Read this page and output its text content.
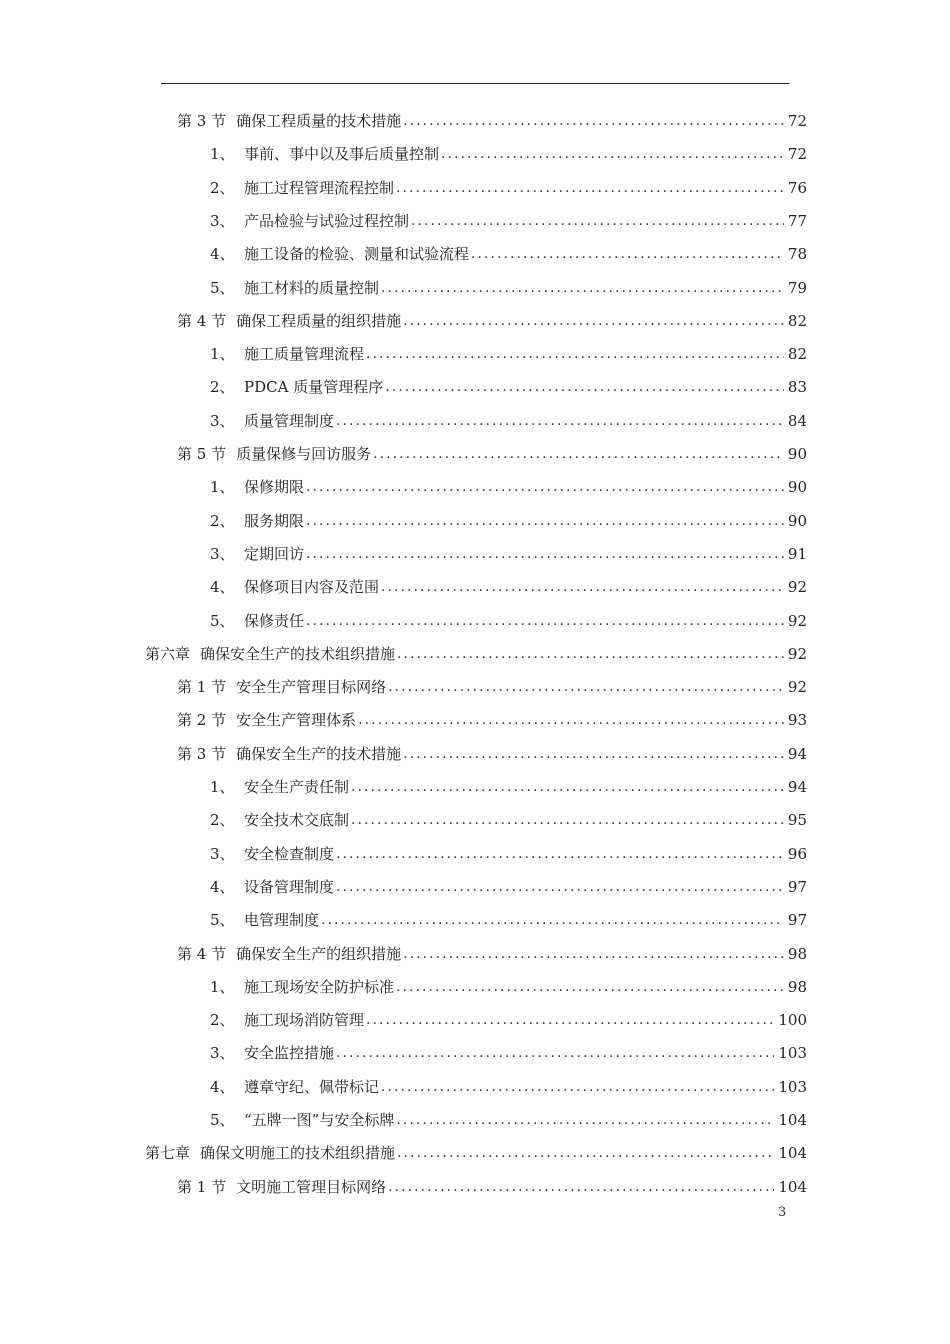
第 3 节 确保工程质量的技术措施 . . .	72
1、 事前、事中以及事后质量控制 . . .	72
2、 施工过程管理流程控制 . . .	76
3、 产品检验与试验过程控制 . . .	77
4、 施工设备的检验、测量和试验流程 . . .	78
5、 施工材料的质量控制 . . .	79
第 4 节 确保工程质量的组织措施 . . .	82
1、 施工质量管理流程 . . .	82
2、 PDCA 质量管理程序 . . .	83
3、 质量管理制度 . . .	84
第 5 节 质量保修与回访服务 . . .	90
1、 保修期限 . . .	90
2、 服务期限 . . .	90
3、 定期回访 . . .	91
4、 保修项目内容及范围 . . .	92
5、 保修责任 . . .	92
第六章 确保安全生产的技术组织措施 . . .	92
第 1 节 安全生产管理目标网络 . . .	92
第 2 节 安全生产管理体系 . . .	93
第 3 节 确保安全生产的技术措施 . . .	94
1、 安全生产责任制 . . .	94
2、 安全技术交底制 . . .	95
3、 安全检查制度 . . .	96
4、 设备管理制度 . . .	97
5、 电管理制度 . . .	97
第 4 节 确保安全生产的组织措施 . . .	98
1、 施工现场安全防护标准 . . .	98
2、 施工现场消防管理 . . .	100
3、 安全监控措施 . . .	103
4、 遵章守纪、佩带标记 . . .	103
5、 “五牌一图”与安全标牌 . . .	104
第七章 确保文明施工的技术组织措施 . . .	104
第 1 节 文明施工管理目标网络 . . .	104
3
